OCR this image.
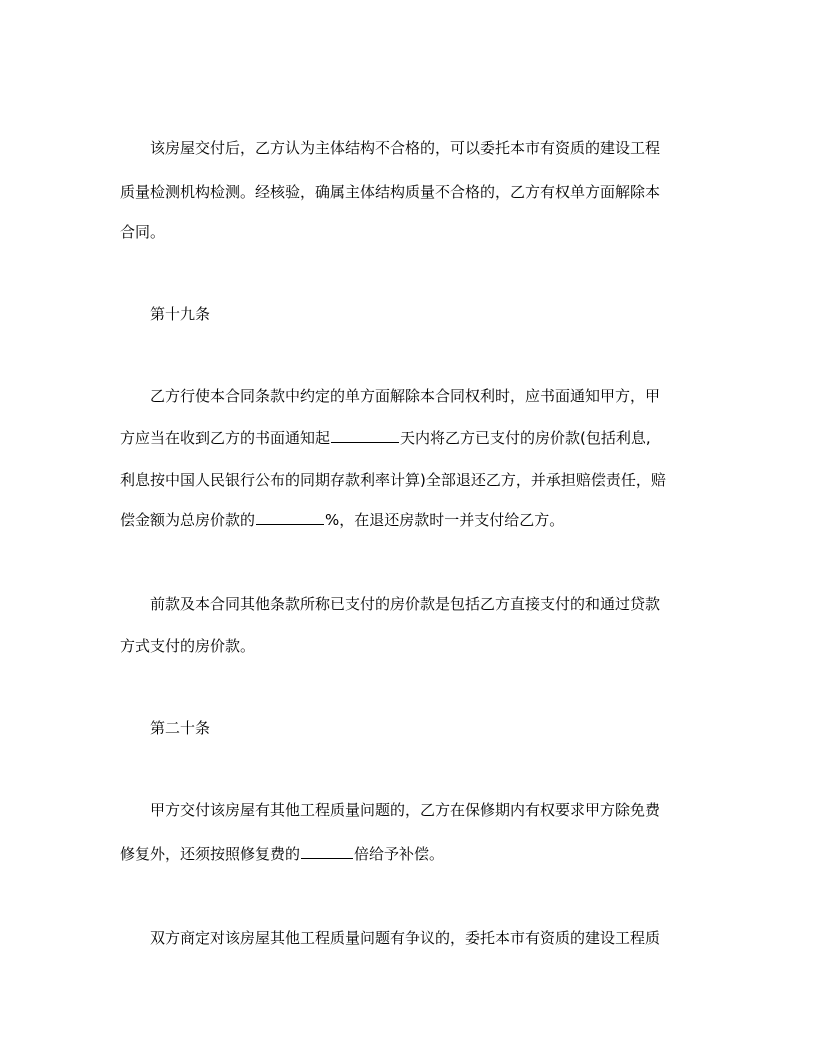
该房屋交付后，乙方认为主体结构不合格的，可以委托本市有资质的建设工程
质量检测机构检测。经核验，确属主体结构质量不合格的，乙方有权单方面解除本
合同。
第十九条
乙方行使本合同条款中约定的单方面解除本合同权利时，应书面通知甲方，甲
方应当在收到乙方的书面通知起	天内将乙方已支付的房价款(包括利息,
利息按中国人民银行公布的同期存款利率计算)全部退还乙方，并承担赔偿责任，赔
偿金额为总房价款的	%，在退还房款时一并支付给乙方。
前款及本合同其他条款所称已支付的房价款是包括乙方直接支付的和通过贷款
方式支付的房价款。
第二十条
甲方交付该房屋有其他工程质量问题的，乙方在保修期内有权要求甲方除免费
修复外，还须按照修复费的	倍给予补偿。
双方商定对该房屋其他工程质量问题有争议的，委托本市有资质的建设工程质
